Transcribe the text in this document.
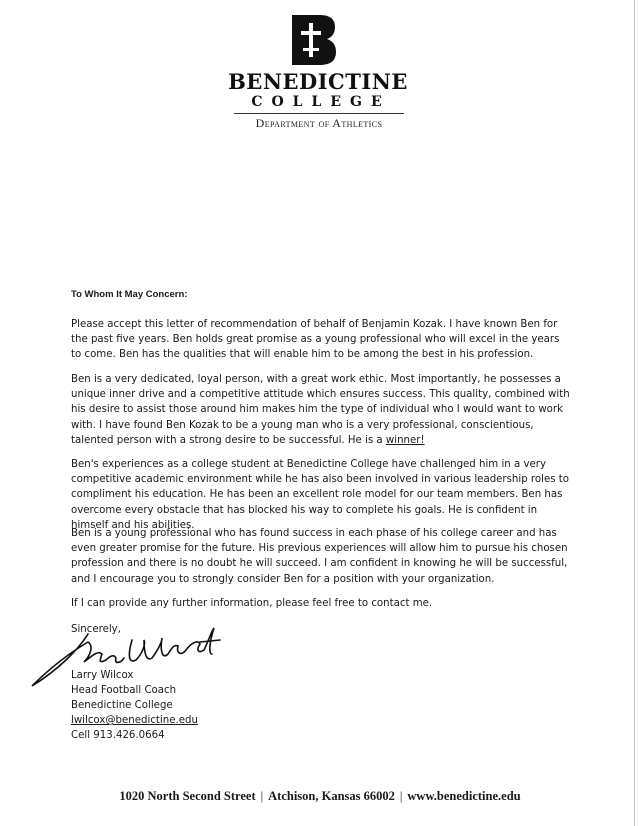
BENEDICTINE
COLLEGE
Department of Athletics
To Whom It May Concern:

Please accept this letter of recommendation of behalf of Benjamin Kozak. I have known Ben for the past five years. Ben holds great promise as a young professional who will excel in the years to come. Ben has the qualities that will enable him to be among the best in his profession.

Ben is a very dedicated, loyal person, with a great work ethic. Most importantly, he possesses a unique inner drive and a competitive attitude which ensures success. This quality, combined with his desire to assist those around him makes him the type of individual who I would want to work with. I have found Ben Kozak to be a young man who is a very professional, conscientious, talented person with a strong desire to be successful. He is a winner!

Ben's experiences as a college student at Benedictine College have challenged him in a very competitive academic environment while he has also been involved in various leadership roles to compliment his education. He has been an excellent role model for our team members. Ben has overcome every obstacle that has blocked his way to complete his goals. He is confident in himself and his abilities.

Ben is a young professional who has found success in each phase of his college career and has even greater promise for the future. His previous experiences will allow him to pursue his chosen profession and there is no doubt he will succeed. I am confident in knowing he will be successful, and I encourage you to strongly consider Ben for a position with your organization.

If I can provide any further information, please feel free to contact me.

Sincerely,
Larry Wilcox
Head Football Coach
Benedictine College
lwilcox@benedictine.edu
Cell 913.426.0664
1020 North Second Street | Atchison, Kansas 66002 | www.benedictine.edu
